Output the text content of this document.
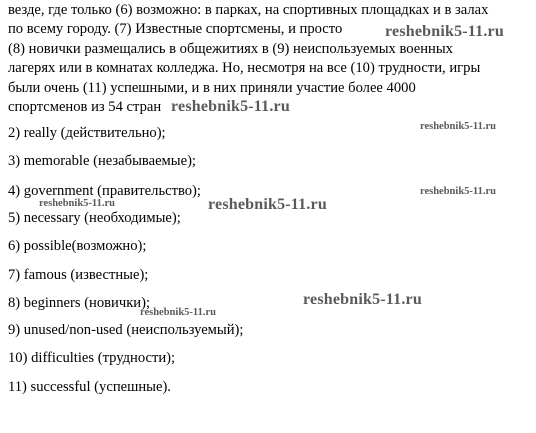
везде, где только (6) возможно: в парках, на спортивных площадках и в залах
по всему городу. (7) Известные спортсмены, и просто
(8) новички размещались в общежитиях в (9) неиспользуемых военных
лагерях или в комнатах колледжа. Но, несмотря на все (10) трудности, игры
были очень (11) успешными, и в них приняли участие более 4000
спортсменов из 54 стран
2) really (действительно);
3) memorable (незабываемые);
4) government (правительство);
5) necessary (необходимые);
6) possible(возможно);
7) famous (известные);
8) beginners (новички);
9) unused/non-used (неиспользуемый);
10) difficulties (трудности);
11) successful (успешные).
reshebnik5-11.ru
reshebnik5-11.ru
reshebnik5-11.ru
reshebnik5-11.ru
reshebnik5-11.ru	reshebnik5-11.ru
reshebnik5-11.ru
reshebnik5-11.ru
